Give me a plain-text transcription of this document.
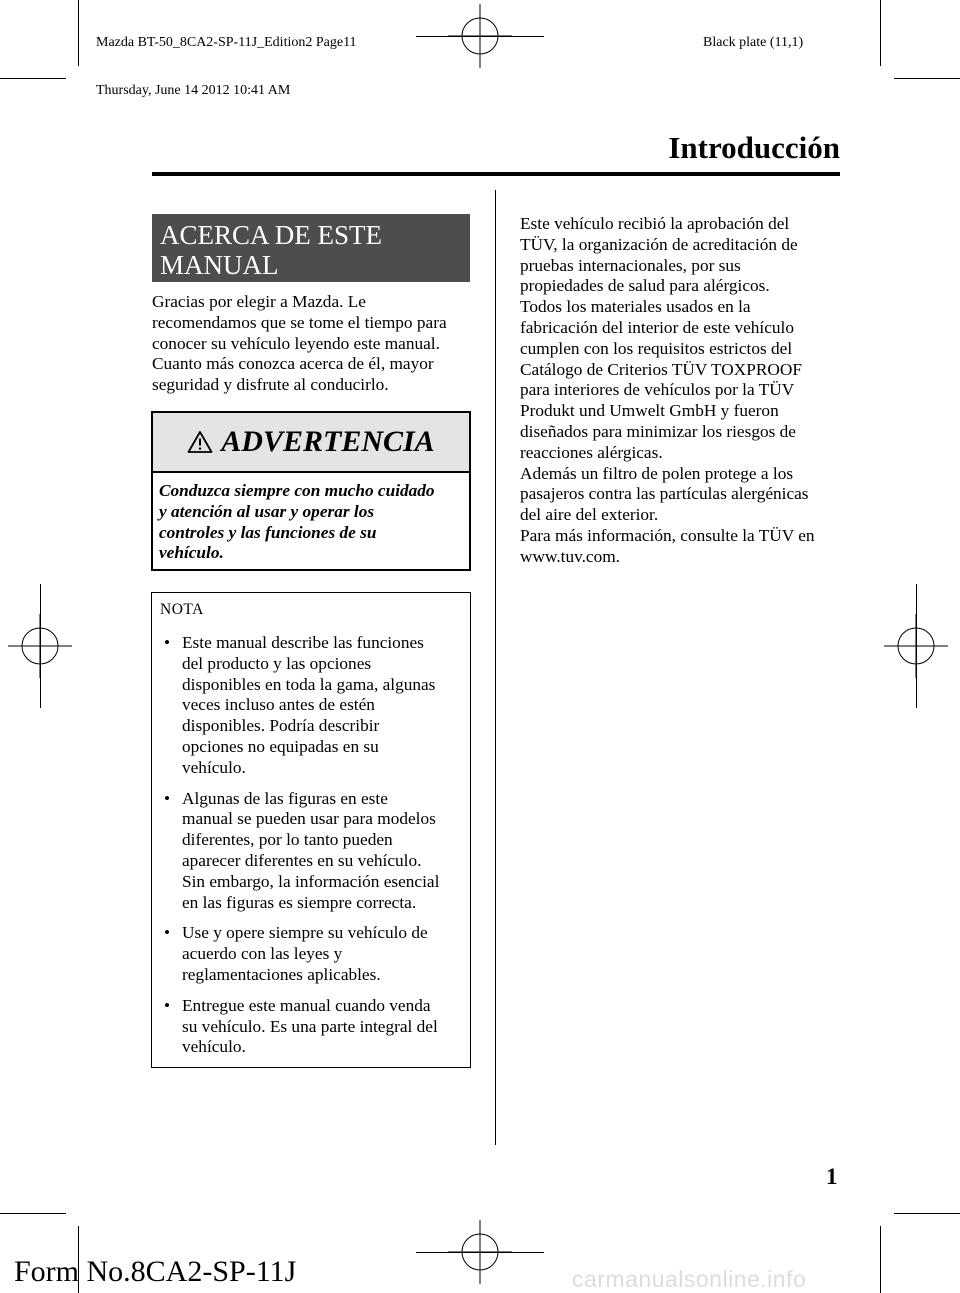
Mazda BT-50_8CA2-SP-11J_Edition2 Page11

Thursday, June 14 2012 10:41 AM

Black plate (11,1)
Introducción
ACERCA DE ESTE
MANUAL
Gracias por elegir a Mazda. Le
recomendamos que se tome el tiempo para
conocer su vehículo leyendo este manual.
Cuanto más conozca acerca de él, mayor
seguridad y disfrute al conducirlo.
ADVERTENCIA
Conduzca siempre con mucho cuidado
y atención al usar y operar los
controles y las funciones de su
vehículo.
NOTA
• Este manual describe las funciones
del producto y las opciones
disponibles en toda la gama, algunas
veces incluso antes de estén
disponibles. Podría describir
opciones no equipadas en su
vehículo.
• Algunas de las figuras en este
manual se pueden usar para modelos
diferentes, por lo tanto pueden
aparecer diferentes en su vehículo.
Sin embargo, la información esencial
en las figuras es siempre correcta.
• Use y opere siempre su vehículo de
acuerdo con las leyes y
reglamentaciones aplicables.
• Entregue este manual cuando venda
su vehículo. Es una parte integral del
vehículo.
Este vehículo recibió la aprobación del
TÜV, la organización de acreditación de
pruebas internacionales, por sus
propiedades de salud para alérgicos.
Todos los materiales usados en la
fabricación del interior de este vehículo
cumplen con los requisitos estrictos del
Catálogo de Criterios TÜV TOXPROOF
para interiores de vehículos por la TÜV
Produkt und Umwelt GmbH y fueron
diseñados para minimizar los riesgos de
reacciones alérgicas.
Además un filtro de polen protege a los
pasajeros contra las partículas alergénicas
del aire del exterior.
Para más información, consulte la TÜV en
www.tuv.com.
1
Form No.8CA2-SP-11J	carmanualsonline.info
